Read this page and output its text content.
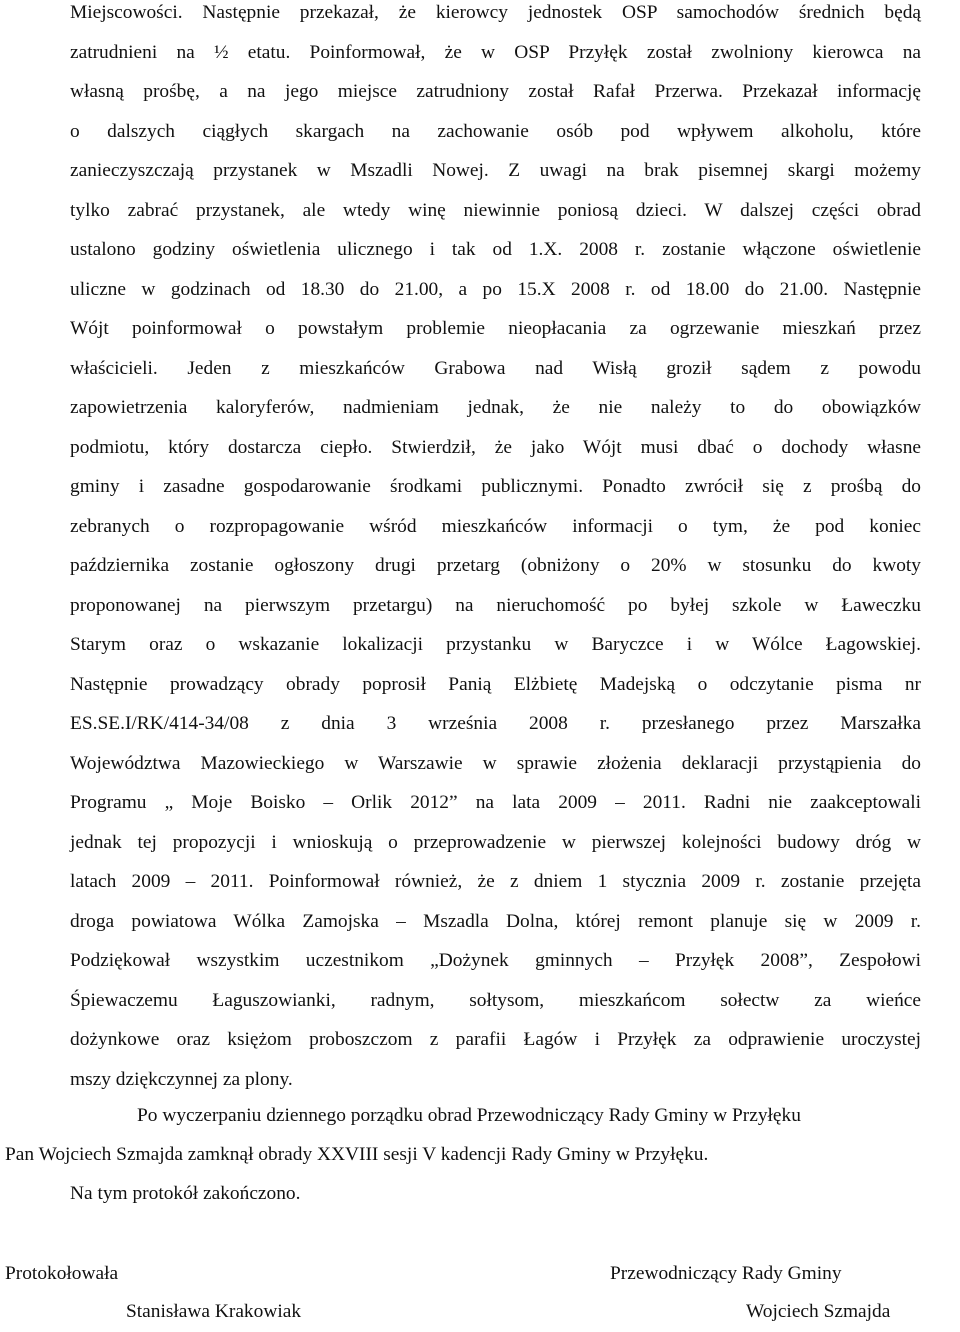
Miejscowości. Następnie przekazał, że kierowcy jednostek OSP samochodów średnich będą
zatrudnieni na ½ etatu. Poinformował, że w OSP Przyłęk został zwolniony kierowca na
własną prośbę, a na jego miejsce zatrudniony został Rafał Przerwa. Przekazał informację
o dalszych ciągłych skargach na zachowanie osób pod wpływem alkoholu, które
zanieczyszczają przystanek w Mszadli Nowej. Z uwagi na brak pisemnej skargi możemy
tylko zabrać przystanek, ale wtedy winę niewinnie poniosą dzieci. W dalszej części obrad
ustalono godziny oświetlenia ulicznego i tak od 1.X. 2008 r. zostanie włączone oświetlenie
uliczne w godzinach od 18.30 do 21.00, a po 15.X 2008 r. od 18.00 do 21.00. Następnie
Wójt poinformował o powstałym problemie nieopłacania za ogrzewanie mieszkań przez
właścicieli. Jeden z mieszkańców Grabowa nad Wisłą groził sądem z powodu
zapowietrzenia kaloryferów, nadmieniam jednak, że nie należy to do obowiązków
podmiotu, który dostarcza ciepło. Stwierdził, że jako Wójt musi dbać o dochody własne
gminy i zasadne gospodarowanie środkami publicznymi. Ponadto zwrócił się z prośbą do
zebranych o rozpropagowanie wśród mieszkańców informacji o tym, że pod koniec
października zostanie ogłoszony drugi przetarg (obniżony o 20% w stosunku do kwoty
proponowanej na pierwszym przetargu) na nieruchomość po byłej szkole w Ławeczku
Starym oraz o wskazanie lokalizacji przystanku w Baryczce i w Wólce Łagowskiej.
Następnie prowadzący obrady poprosił Panią Elżbietę Madejską o odczytanie pisma nr
ES.SE.I/RK/414-34/08 z dnia 3 września 2008 r. przesłanego przez Marszałka
Województwa Mazowieckiego w Warszawie w sprawie złożenia deklaracji przystąpienia do
Programu „ Moje Boisko – Orlik 2012” na lata 2009 – 2011. Radni nie zaakceptowali
jednak tej propozycji i wnioskują o przeprowadzenie w pierwszej kolejności budowy dróg w
latach 2009 – 2011. Poinformował również, że z dniem 1 stycznia 2009 r. zostanie przejęta
droga powiatowa Wólka Zamojska – Mszadla Dolna, której remont planuje się w 2009 r.
Podziękował wszystkim uczestnikom „Dożynek gminnych – Przyłęk 2008”, Zespołowi
Śpiewaczemu Łaguszowianki, radnym, sołtysom, mieszkańcom sołectw za wieńce
dożynkowe oraz księżom proboszczom z parafii Łagów i Przyłęk za odprawienie uroczystej
mszy dziękczynnej za plony.
Po wyczerpaniu dziennego porządku obrad Przewodniczący Rady Gminy w Przyłęku
Pan Wojciech Szmajda zamknął obrady XXVIII sesji V kadencji Rady Gminy w Przyłęku.
Na tym protokół zakończono.
Protokołowała
Stanisława Krakowiak
Przewodniczący Rady Gminy
Wojciech Szmajda
